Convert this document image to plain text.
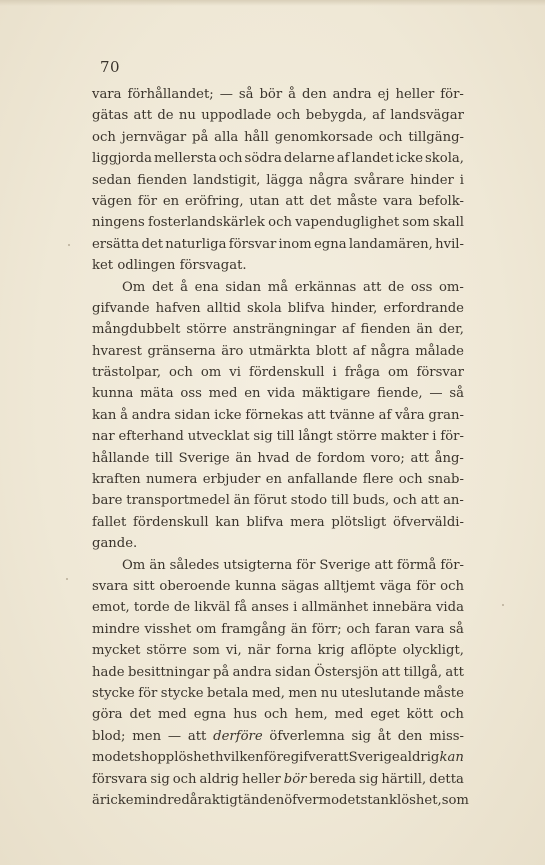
70
vara förhållandet; — så bör å den andra ej heller för-
gätas att de nu uppodlade och bebygda, af landsvägar
och jernvägar på alla håll genomkorsade och tillgäng-
liggjorda mellersta och södra delarne af landet icke skola,
sedan fienden landstigit, lägga några svårare hinder i
vägen för en eröfring, utan att det måste vara befolk-
ningens fosterlandskärlek och vapenduglighet som skall
ersätta det naturliga försvar inom egna landamären, hvil-
ket
odlingen
försvagat.
Om det å ena sidan må erkännas att de oss om-
gifvande hafven alltid skola blifva hinder, erfordrande
mångdubbelt större ansträngningar af fienden än der,
hvarest gränserna äro utmärkta blott af några målade
trästolpar, och om vi fördenskull i fråga om försvar
kunna mäta oss med en vida mäktigare fiende, — så
kan å andra sidan icke förnekas att tvänne af våra gran-
nar efterhand utvecklat sig till långt större makter i för-
hållande till Sverige än hvad de fordom voro; att ång-
kraften numera erbjuder en anfallande flere och snab-
bare transportmedel än förut stodo till buds, och att an-
fallet fördenskull kan blifva mera plötsligt öfverväldi-
gande.
Om än således utsigterna för Sverige att förmå för-
svara sitt oberoende kunna sägas alltjemt väga för och
emot, torde de likväl få anses i allmänhet innebära vida
mindre visshet om framgång än förr; och faran vara så
mycket större som vi, när forna krig aflöpte olyckligt,
hade besittningar på andra sidan Östersjön att tillgå, att
stycke för stycke betala med, men nu uteslutande måste
göra det med egna hus och hem, med eget kött och
blod; men — att derföre öfverlemna sig åt den miss-
modets hopplöshet hvilken föregifver att Sverige aldrig kan
försvara sig och aldrig heller bör bereda sig härtill, detta
är icke mindre dåraktigt än den öfvermodets tanklöshet, som
